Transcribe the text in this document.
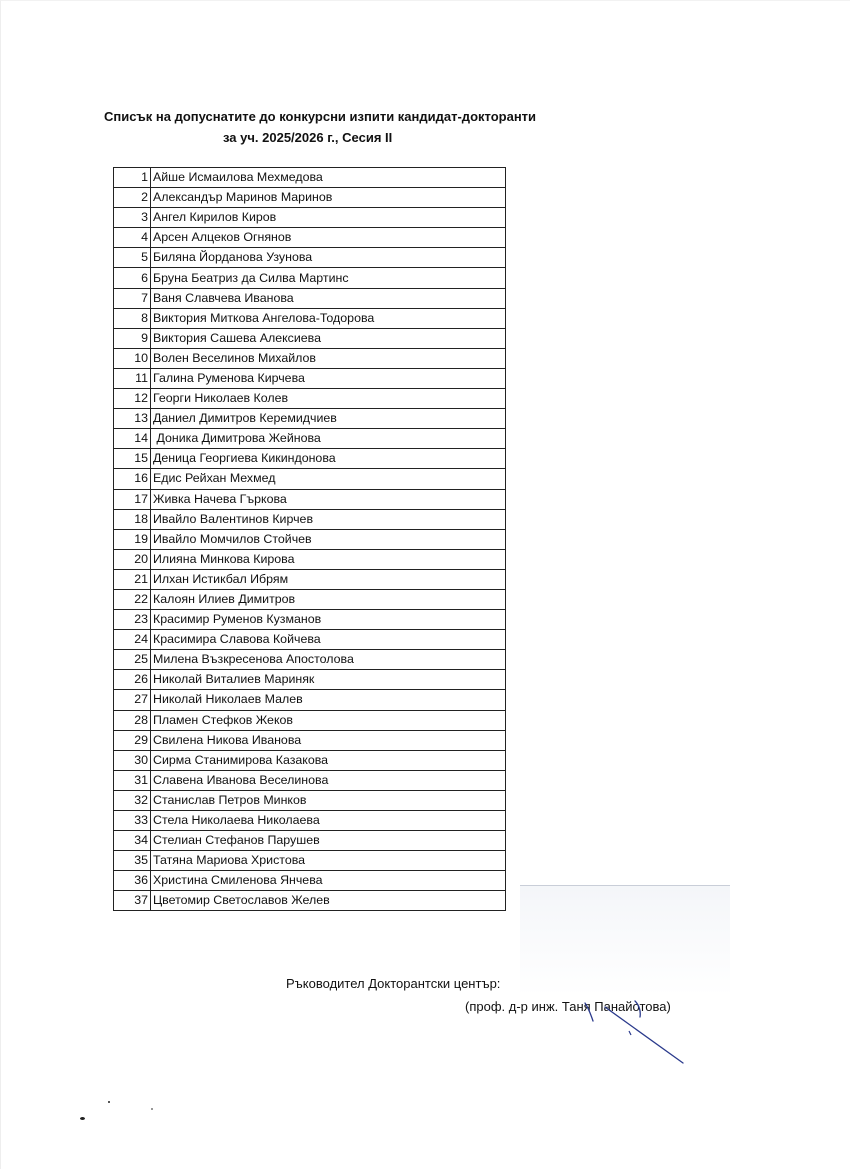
Списък на допуснатите до конкурсни изпити кандидат-докторанти
за уч. 2025/2026 г., Сесия II
1	Айше Исмаилова Мехмедова
2	Александър Маринов Маринов
3	Ангел Кирилов Киров
4	Арсен Алцеков Огнянов
5	Биляна Йорданова Узунова
6	Бруна Беатриз да Силва Мартинс
7	Ваня Славчева Иванова
8	Виктория Миткова Ангелова-Тодорова
9	Виктория Сашева Алексиева
10	Волен Веселинов Михайлов
11	Галина Руменова Кирчева
12	Георги Николаев Колев
13	Даниел Димитров Керемидчиев
14	Доника Димитрова Жейнова
15	Деница Георгиева Кикиндонова
16	Едис Рейхан Мехмед
17	Живка Начева Гъркова
18	Ивайло Валентинов Кирчев
19	Ивайло Момчилов Стойчев
20	Илияна Минкова Кирова
21	Илхан Истикбал Ибрям
22	Калоян Илиев Димитров
23	Красимир Руменов Кузманов
24	Красимира Славова Койчева
25	Милена Възкресенова Апостолова
26	Николай Виталиев Мариняк
27	Николай Николаев Малев
28	Пламен Стефков Жеков
29	Свилена Никова Иванова
30	Сирма Станимирова Казакова
31	Славена Иванова Веселинова
32	Станислав Петров Минков
33	Стела Николаева Николаева
34	Стелиан Стефанов Парушев
35	Татяна Мариова Христова
36	Христина Смиленова Янчева
37	Цветомир Светославов Желев
Ръководител Докторантски център:
(проф. д-р инж. Таня Панайотова)
